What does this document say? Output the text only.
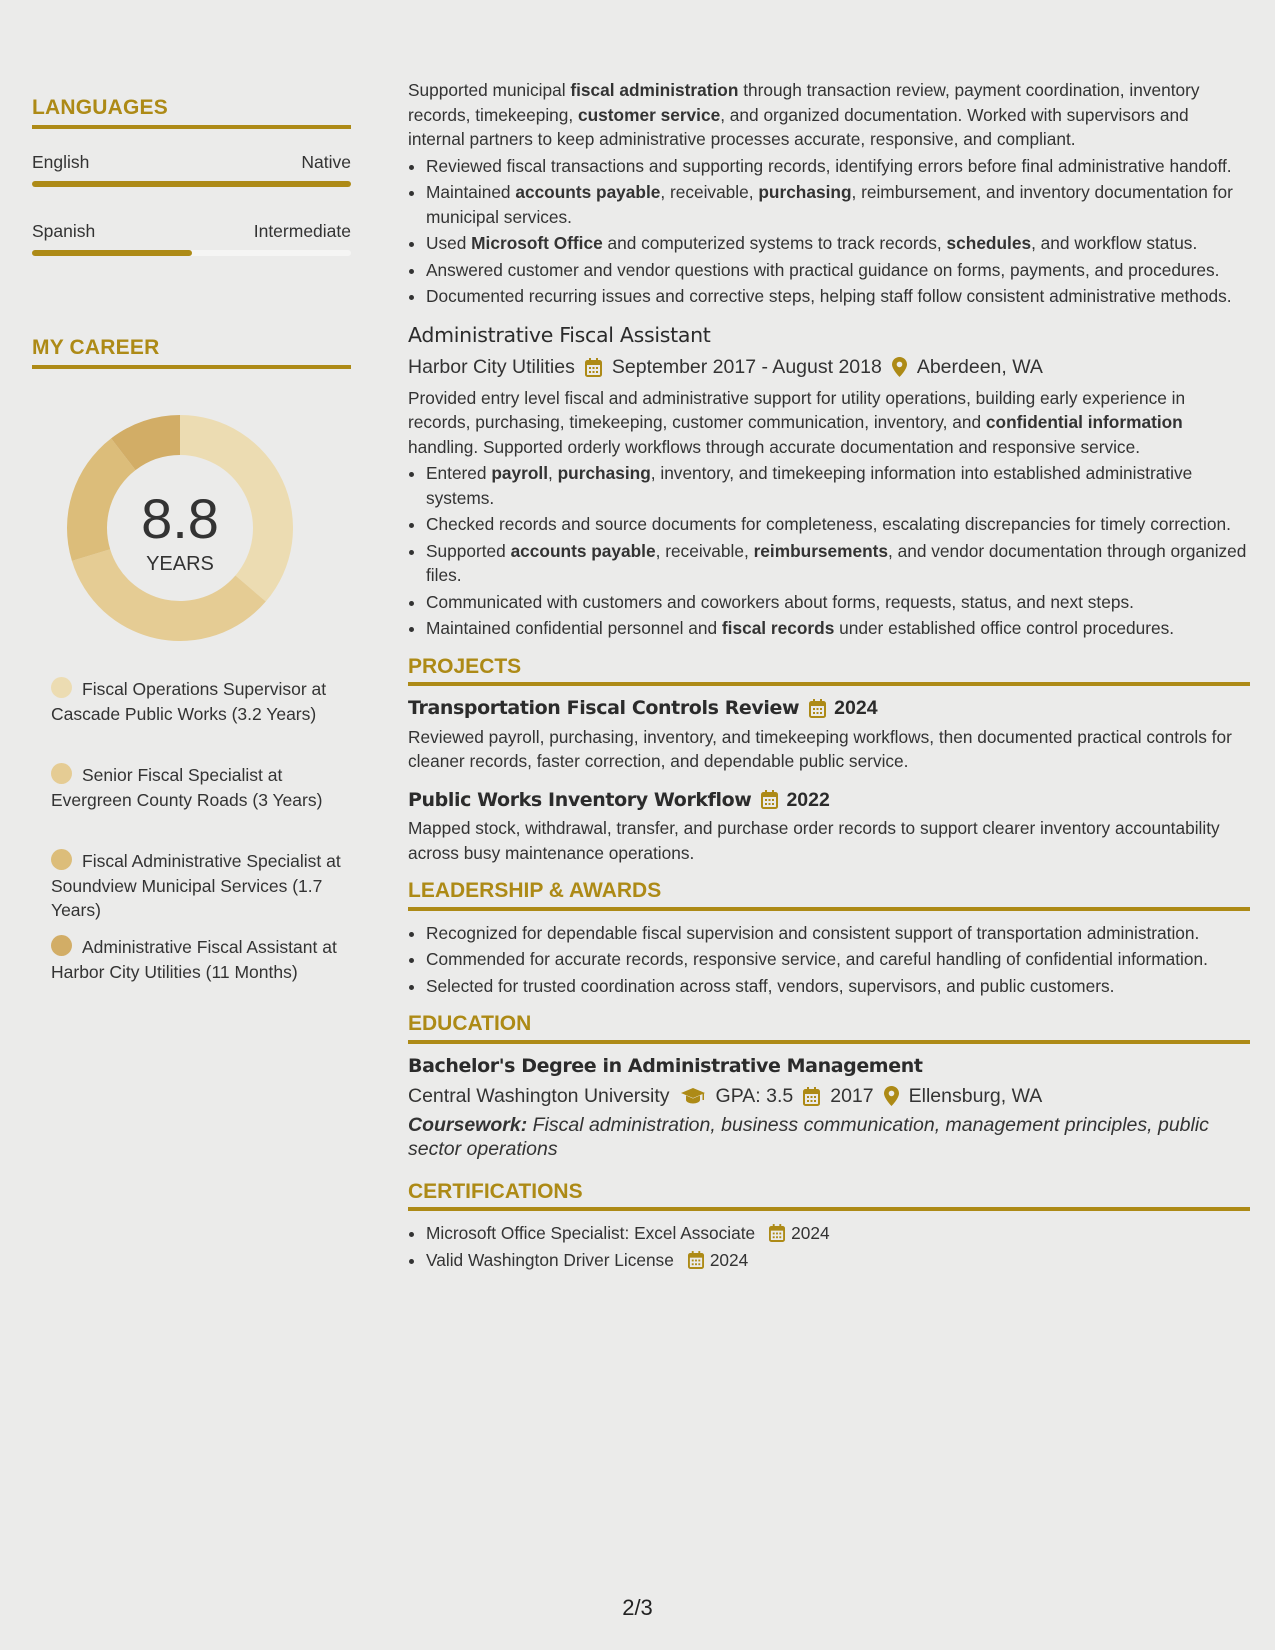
LANGUAGES
English	Native
Spanish	Intermediate
MY CAREER
8.8
YEARS
Fiscal Operations Supervisor at Cascade Public Works (3.2 Years)
Senior Fiscal Specialist at Evergreen County Roads (3 Years)
Fiscal Administrative Specialist at Soundview Municipal Services (1.7 Years)
Administrative Fiscal Assistant at Harbor City Utilities (11 Months)

Supported municipal fiscal administration through transaction review, payment coordination, inventory records, timekeeping, customer service, and organized documentation. Worked with supervisors and internal partners to keep administrative processes accurate, responsive, and compliant.

• Reviewed fiscal transactions and supporting records, identifying errors before final administrative handoff.
• Maintained accounts payable, receivable, purchasing, reimbursement, and inventory documentation for municipal services.
• Used Microsoft Office and computerized systems to track records, schedules, and workflow status.
• Answered customer and vendor questions with practical guidance on forms, payments, and procedures.
• Documented recurring issues and corrective steps, helping staff follow consistent administrative methods.
Administrative Fiscal Assistant
Harbor City Utilities September 2017 - August 2018 Aberdeen, WA

Provided entry level fiscal and administrative support for utility operations, building early experience in records, purchasing, timekeeping, customer communication, inventory, and confidential information handling. Supported orderly workflows through accurate documentation and responsive service.

• Entered payroll, purchasing, inventory, and timekeeping information into established administrative systems.
• Checked records and source documents for completeness, escalating discrepancies for timely correction.
• Supported accounts payable, receivable, reimbursements, and vendor documentation through organized files.
• Communicated with customers and coworkers about forms, requests, status, and next steps.
• Maintained confidential personnel and fiscal records under established office control procedures.
PROJECTS
Transportation Fiscal Controls Review 2024

Reviewed payroll, purchasing, inventory, and timekeeping workflows, then documented practical controls for cleaner records, faster correction, and dependable public service.

Public Works Inventory Workflow 2022

Mapped stock, withdrawal, transfer, and purchase order records to support clearer inventory accountability across busy maintenance operations.

LEADERSHIP & AWARDS
• Recognized for dependable fiscal supervision and consistent support of transportation administration.
• Commended for accurate records, responsive service, and careful handling of confidential information.
• Selected for trusted coordination across staff, vendors, supervisors, and public customers.
EDUCATION
Bachelor's Degree in Administrative Management
Central Washington University GPA: 3.5 2017 Ellensburg, WA

Coursework: Fiscal administration, business communication, management principles, public sector operations

CERTIFICATIONS
• Microsoft Office Specialist: Excel Associate 2024
• Valid Washington Driver License 2024
2/3
